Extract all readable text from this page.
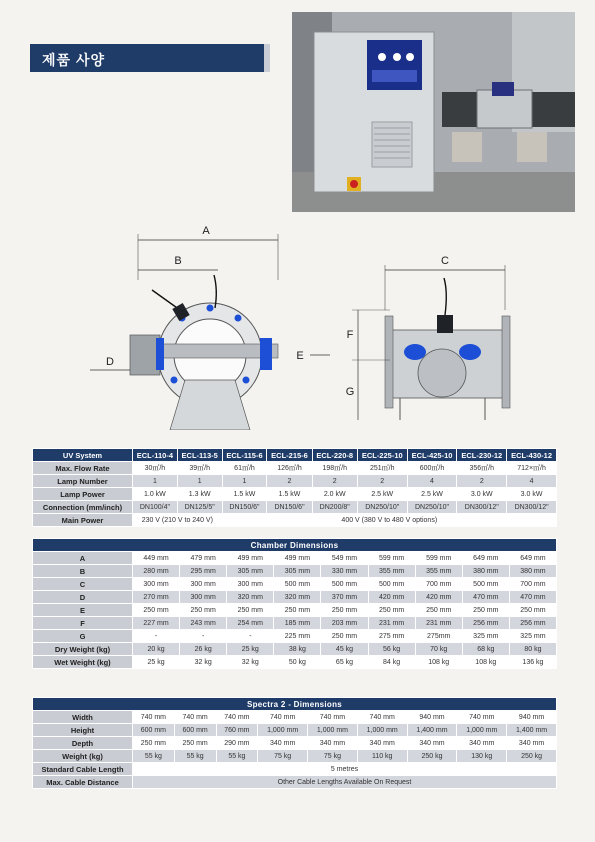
제품 사양
A
B
D	E
C
F
G
UV System	ECL-110-4	ECL-113-5	ECL-115-6	ECL-215-6	ECL-220-8	ECL-225-10	ECL-425-10	ECL-230-12	ECL-430-12
Max. Flow Rate	30㎥/h	39㎥/h	61㎥/h	126㎥/h	198㎥/h	251㎥/h	600㎥/h	356㎥/h	712×㎥/h
Lamp Number	1	1	1	2	2	2	4	2	4
Lamp Power	1.0 kW	1.3 kW	1.5 kW	1.5 kW	2.0 kW	2.5 kW	2.5 kW	3.0 kW	3.0 kW
Connection (mm/inch)	DN100/4"	DN125/5"	DN150/6"	DN150/6"	DN200/8"	DN250/10"	DN250/10"	DN300/12"	DN300/12"
Main Power	230 V (210 V to 240 V)		400 V (380 V to 480 V options)						
Chamber Dimensions									
A	449 mm	479 mm	499 mm	499 mm	549 mm	599 mm	599 mm	649 mm	649 mm
B	280 mm	295 mm	305 mm	305 mm	330 mm	355 mm	355 mm	380 mm	380 mm
C	300 mm	300 mm	300 mm	500 mm	500 mm	500 mm	700 mm	500 mm	700 mm
D	270 mm	300 mm	320 mm	320 mm	370 mm	420 mm	420 mm	470 mm	470 mm
E	250 mm	250 mm	250 mm	250 mm	250 mm	250 mm	250 mm	250 mm	250 mm
F	227 mm	243 mm	254 mm	185 mm	203 mm	231 mm	231 mm	256 mm	256 mm
G	-	-	-	225 mm	250 mm	275 mm	275mm	325 mm	325 mm
Dry Weight (kg)	20 kg	26 kg	25 kg	38 kg	45 kg	56 kg	70 kg	68 kg	80 kg
Wet Weight (kg)	25 kg	32 kg	32 kg	50 kg	65 kg	84 kg	108 kg	108 kg	136 kg
Spectra 2 - Dimensions									
Width	740 mm	740 mm	740 mm	740 mm	740 mm	740 mm	940 mm	740 mm	940 mm
Height	600 mm	600 mm	760 mm	1,000 mm	1,000 mm	1,000 mm	1,400 mm	1,000 mm	1,400 mm
Depth	250 mm	250 mm	290 mm	340 mm	340 mm	340 mm	340 mm	340 mm	340 mm
Weight (kg)	55 kg	55 kg	55 kg	75 kg	75 kg	110 kg	250 kg	130 kg	250 kg
Standard Cable Length	5 metres								
Max. Cable Distance	Other Cable Lengths Available On Request								
